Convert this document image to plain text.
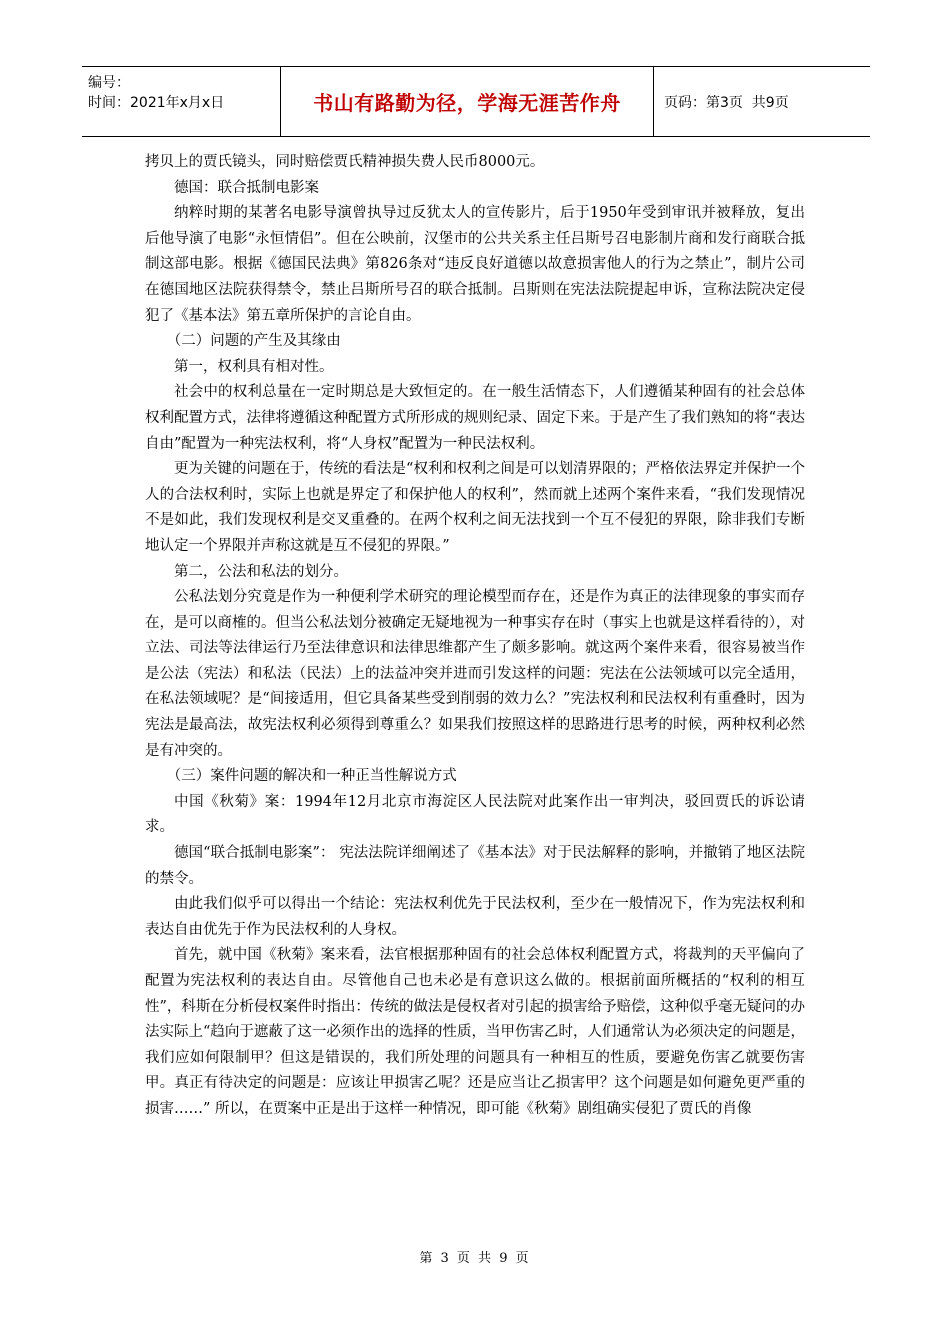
编号：
时间：2021年x月x日	书山有路勤为径，学海无涯苦作舟	页码：第3页  共9页

拷贝上的贾氏镜头，同时赔偿贾氏精神损失费人民币8000元。

德国：联合抵制电影案

纳粹时期的某著名电影导演曾执导过反犹太人的宣传影片，后于1950年受到审讯并被释放，复出后他导演了电影“永恒情侣”。但在公映前，汉堡市的公共关系主任吕斯号召电影制片商和发行商联合抵制这部电影。根据《德国民法典》第826条对“违反良好道德以故意损害他人的行为之禁止”，制片公司在德国地区法院获得禁令，禁止吕斯所号召的联合抵制。吕斯则在宪法法院提起申诉，宣称法院决定侵犯了《基本法》第五章所保护的言论自由。

（二）问题的产生及其缘由

第一，权利具有相对性。

社会中的权利总量在一定时期总是大致恒定的。在一般生活情态下，人们遵循某种固有的社会总体权利配置方式，法律将遵循这种配置方式所形成的规则纪录、固定下来。于是产生了我们熟知的将“表达自由”配置为一种宪法权利，将“人身权”配置为一种民法权利。

更为关键的问题在于，传统的看法是“权利和权利之间是可以划清界限的；严格依法界定并保护一个人的合法权利时，实际上也就是界定了和保护他人的权利”，然而就上述两个案件来看，“我们发现情况不是如此，我们发现权利是交叉重叠的。在两个权利之间无法找到一个互不侵犯的界限，除非我们专断地认定一个界限并声称这就是互不侵犯的界限。”

第二，公法和私法的划分。

公私法划分究竟是作为一种便利学术研究的理论模型而存在，还是作为真正的法律现象的事实而存在，是可以商榷的。但当公私法划分被确定无疑地视为一种事实存在时（事实上也就是这样看待的），对立法、司法等法律运行乃至法律意识和法律思维都产生了颇多影响。就这两个案件来看，很容易被当作是公法（宪法）和私法（民法）上的法益冲突并进而引发这样的问题：宪法在公法领域可以完全适用，在私法领域呢？是“间接适用，但它具备某些受到削弱的效力么？”宪法权利和民法权利有重叠时，因为宪法是最高法，故宪法权利必须得到尊重么？如果我们按照这样的思路进行思考的时候，两种权利必然是有冲突的。

（三）案件问题的解决和一种正当性解说方式

中国《秋菊》案：1994年12月北京市海淀区人民法院对此案作出一审判决，驳回贾氏的诉讼请求。

德国“联合抵制电影案”： 宪法法院详细阐述了《基本法》对于民法解释的影响，并撤销了地区法院的禁令。

由此我们似乎可以得出一个结论：宪法权利优先于民法权利，至少在一般情况下，作为宪法权利和表达自由优先于作为民法权利的人身权。

首先，就中国《秋菊》案来看，法官根据那种固有的社会总体权利配置方式，将裁判的天平偏向了配置为宪法权利的表达自由。尽管他自己也未必是有意识这么做的。根据前面所概括的“权利的相互性”，科斯在分析侵权案件时指出：传统的做法是侵权者对引起的损害给予赔偿，这种似乎毫无疑问的办法实际上“趋向于遮蔽了这一必须作出的选择的性质，当甲伤害乙时，人们通常认为必须决定的问题是，我们应如何限制甲？但这是错误的，我们所处理的问题具有一种相互的性质，要避免伤害乙就要伤害甲。真正有待决定的问题是：应该让甲损害乙呢？还是应当让乙损害甲？这个问题是如何避免更严重的损害……” 所以，在贾案中正是出于这样一种情况，即可能《秋菊》剧组确实侵犯了贾氏的肖像

第 3 页 共 9 页
